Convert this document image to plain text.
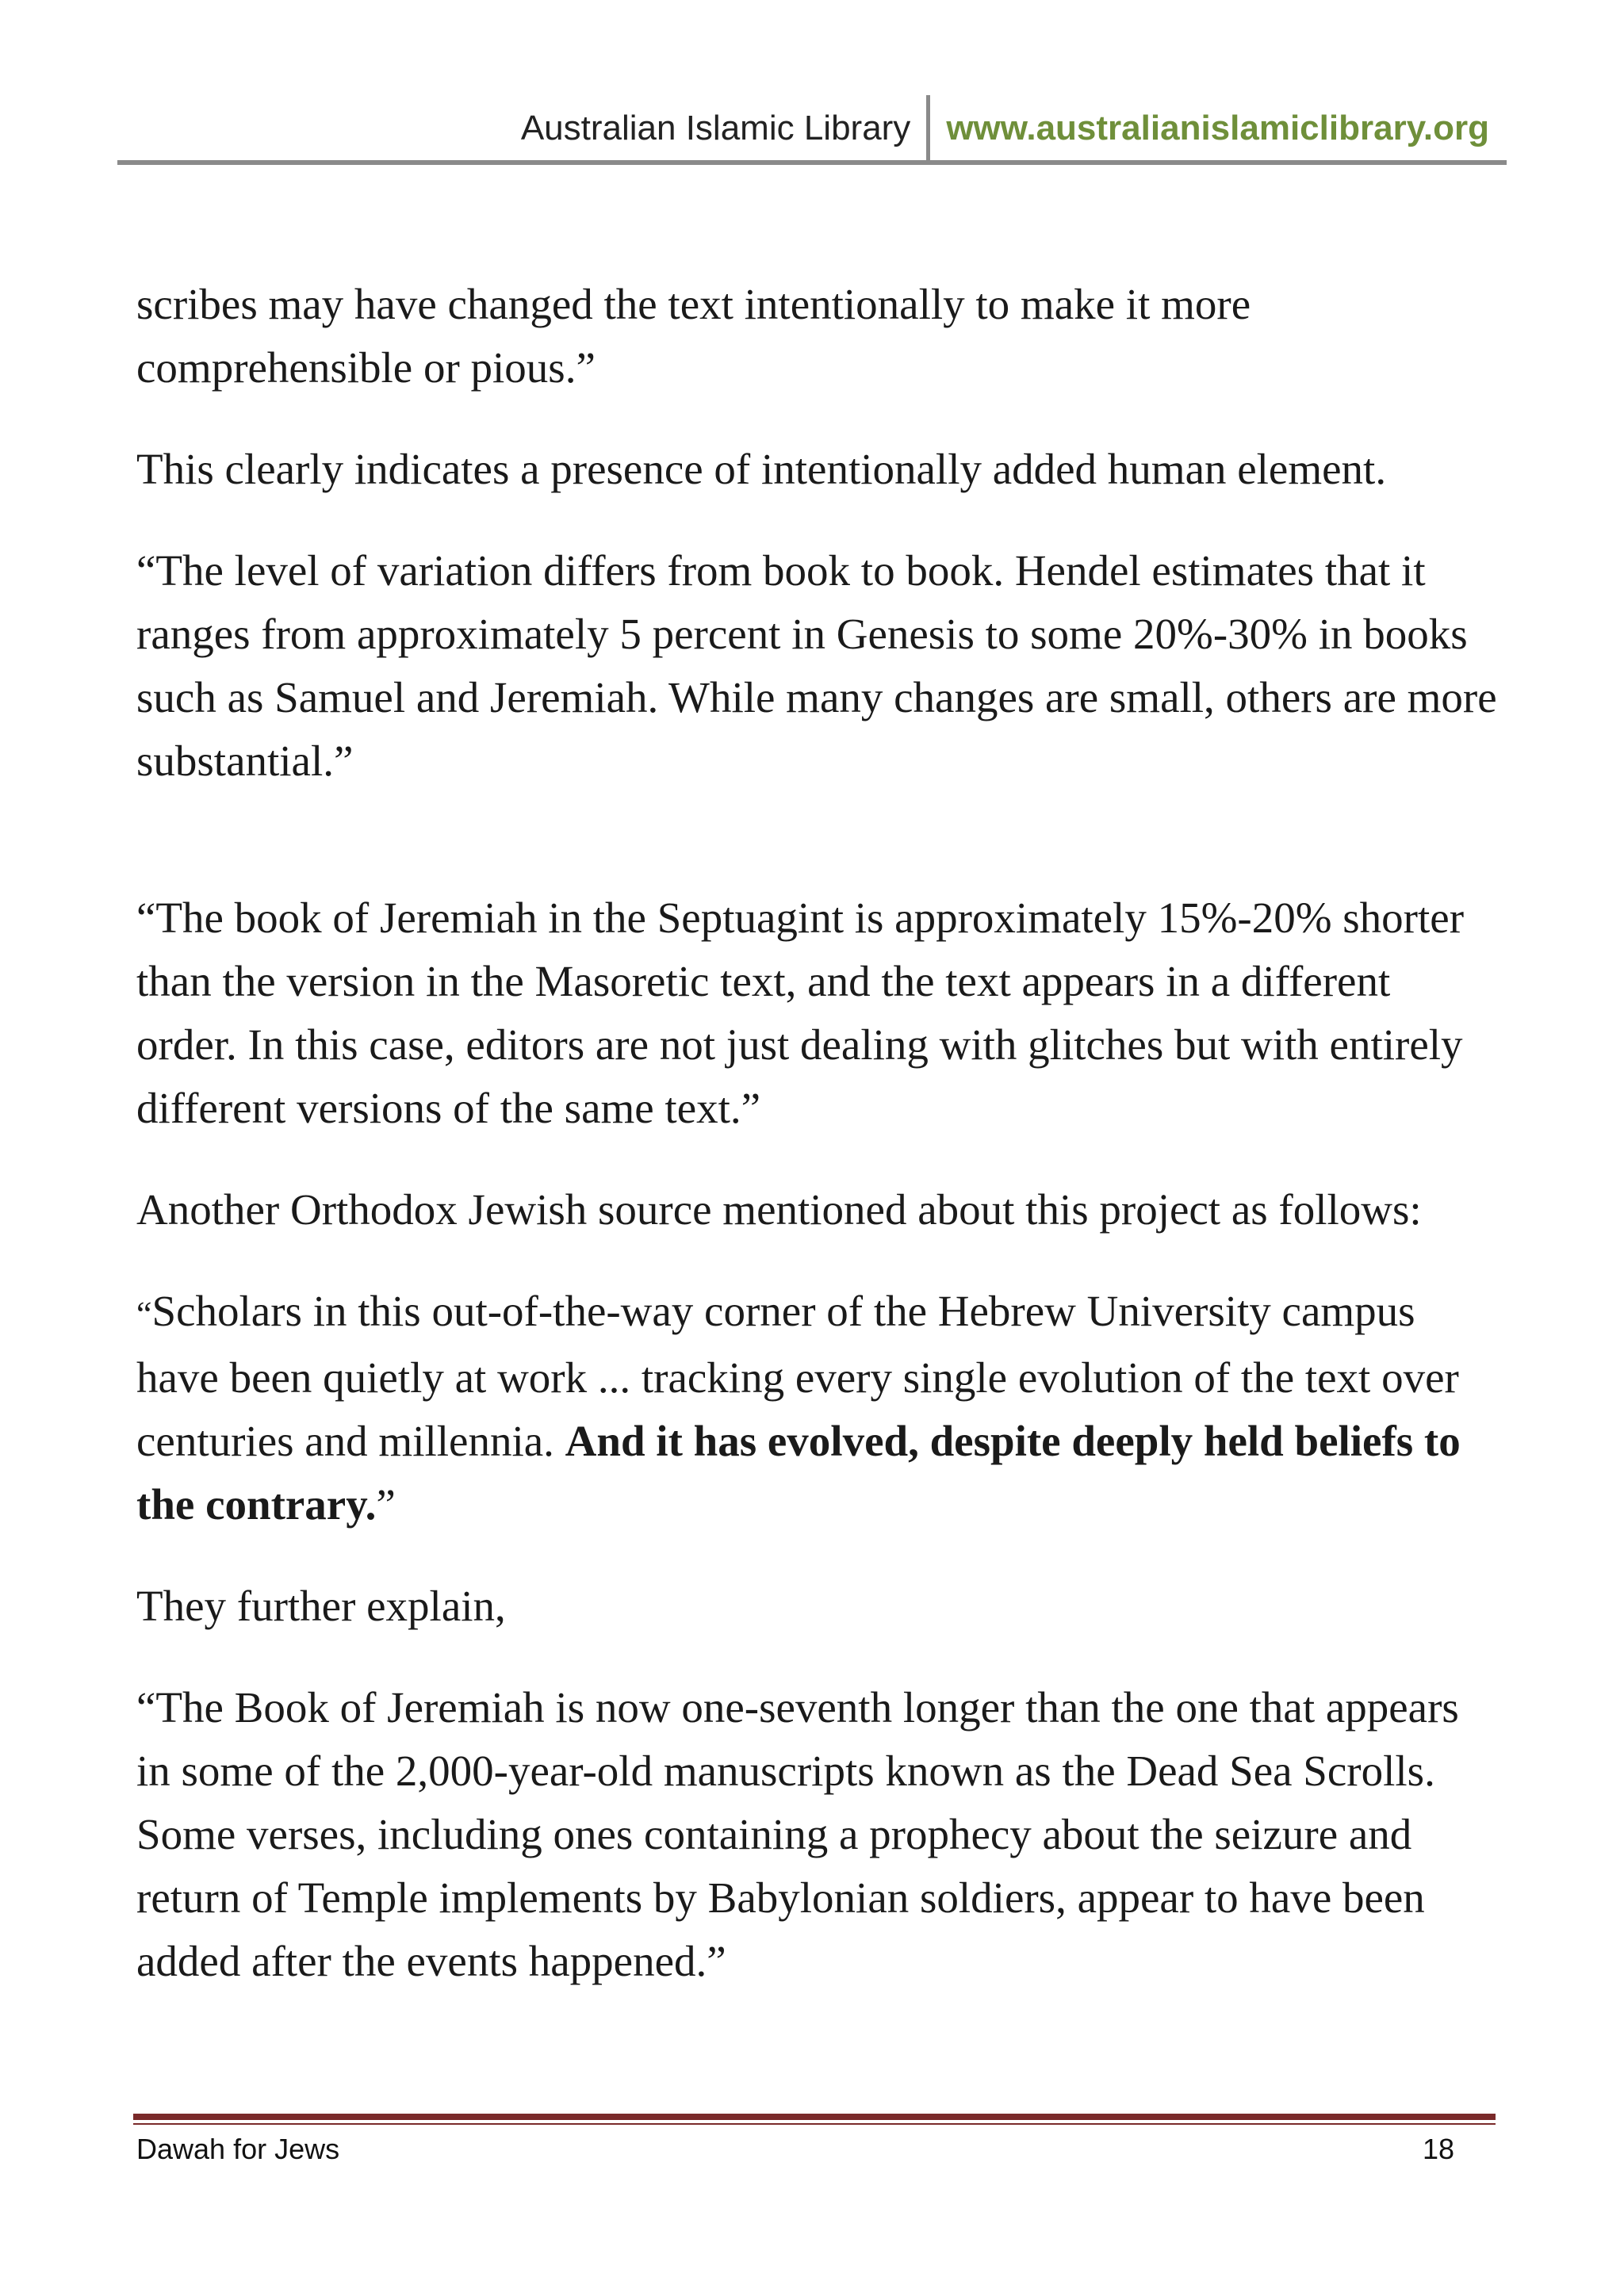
Australian Islamic Library	www.australianislamiclibrary.org

scribes may have changed the text intentionally to make it more comprehensible or pious.”

This clearly indicates a presence of intentionally added human element.

“The level of variation differs from book to book. Hendel estimates that it ranges from approximately 5 percent in Genesis to some 20%-30% in books such as Samuel and Jeremiah. While many changes are small, others are more substantial.”

“The book of Jeremiah in the Septuagint is approximately 15%-20% shorter than the version in the Masoretic text, and the text appears in a different order. In this case, editors are not just dealing with glitches but with entirely different versions of the same text.”

Another Orthodox Jewish source mentioned about this project as follows:

“Scholars in this out-of-the-way corner of the Hebrew University campus have been quietly at work ... tracking every single evolution of the text over centuries and millennia. And it has evolved, despite deeply held beliefs to the contrary.”

They further explain,

“The Book of Jeremiah is now one-seventh longer than the one that appears in some of the 2,000-year-old manuscripts known as the Dead Sea Scrolls. Some verses, including ones containing a prophecy about the seizure and return of Temple implements by Babylonian soldiers, appear to have been added after the events happened.”

Dawah for Jews	18
